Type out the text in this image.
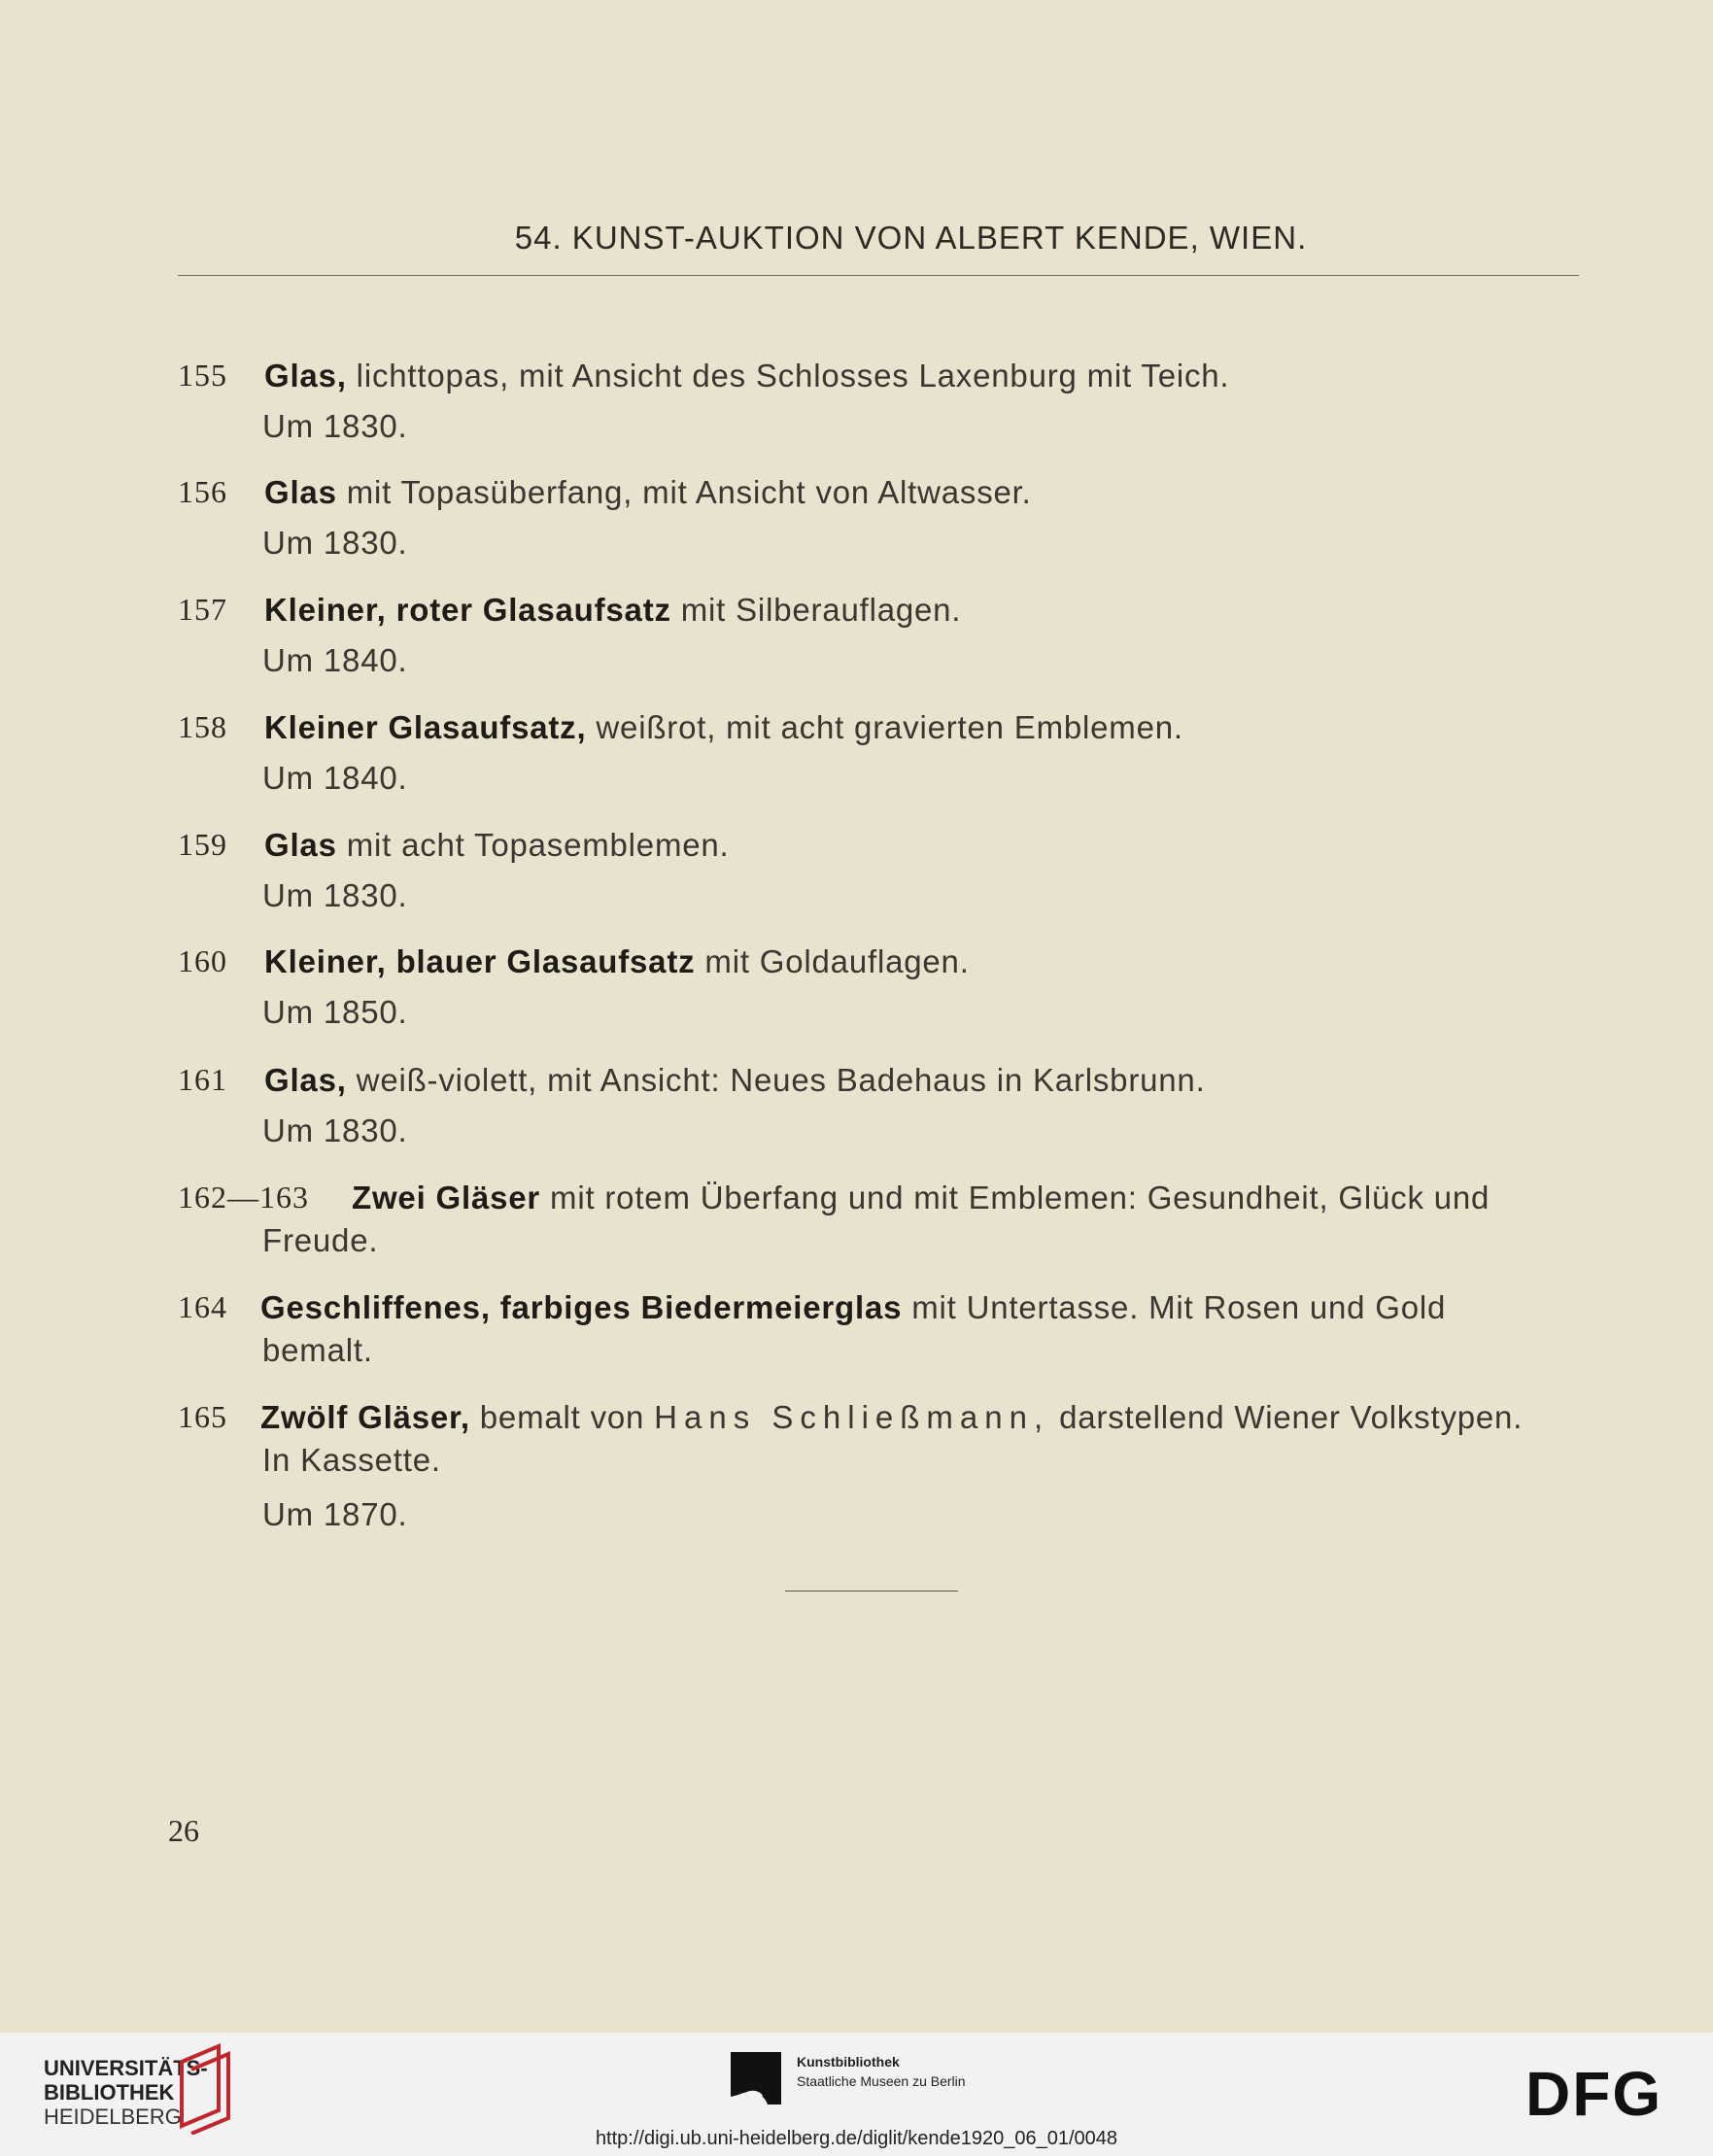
54. KUNST-AUKTION VON ALBERT KENDE, WIEN.
155 Glas, lichttopas, mit Ansicht des Schlosses Laxenburg mit Teich.
Um 1830.
156 Glas mit Topasüberfang, mit Ansicht von Altwasser.
Um 1830.
157 Kleiner, roter Glasaufsatz mit Silberauflagen.
Um 1840.
158 Kleiner Glasaufsatz, weißrot, mit acht gravierten Emblemen.
Um 1840.
159 Glas mit acht Topasemblemen.
Um 1830.
160 Kleiner, blauer Glasaufsatz mit Goldauflagen.
Um 1850.
161 Glas, weiß-violett, mit Ansicht: Neues Badehaus in Karlsbrunn.
Um 1830.
162—163 Zwei Gläser mit rotem Überfang und mit Emblemen: Gesundheit, Glück und
Freude.
164 Geschliffenes, farbiges Biedermeierglas mit Untertasse. Mit Rosen und Gold
bemalt.
165 Zwölf Gläser, bemalt von Hans Schließmann, darstellend Wiener Volkstypen.
In Kassette.
Um 1870.
26
UNIVERSITÄTS-
BIBLIOTHEK
HEIDELBERG
Kunstbibliothek
Staatliche Museen zu Berlin	DFG
http://digi.ub.uni-heidelberg.de/diglit/kende1920_06_01/0048
